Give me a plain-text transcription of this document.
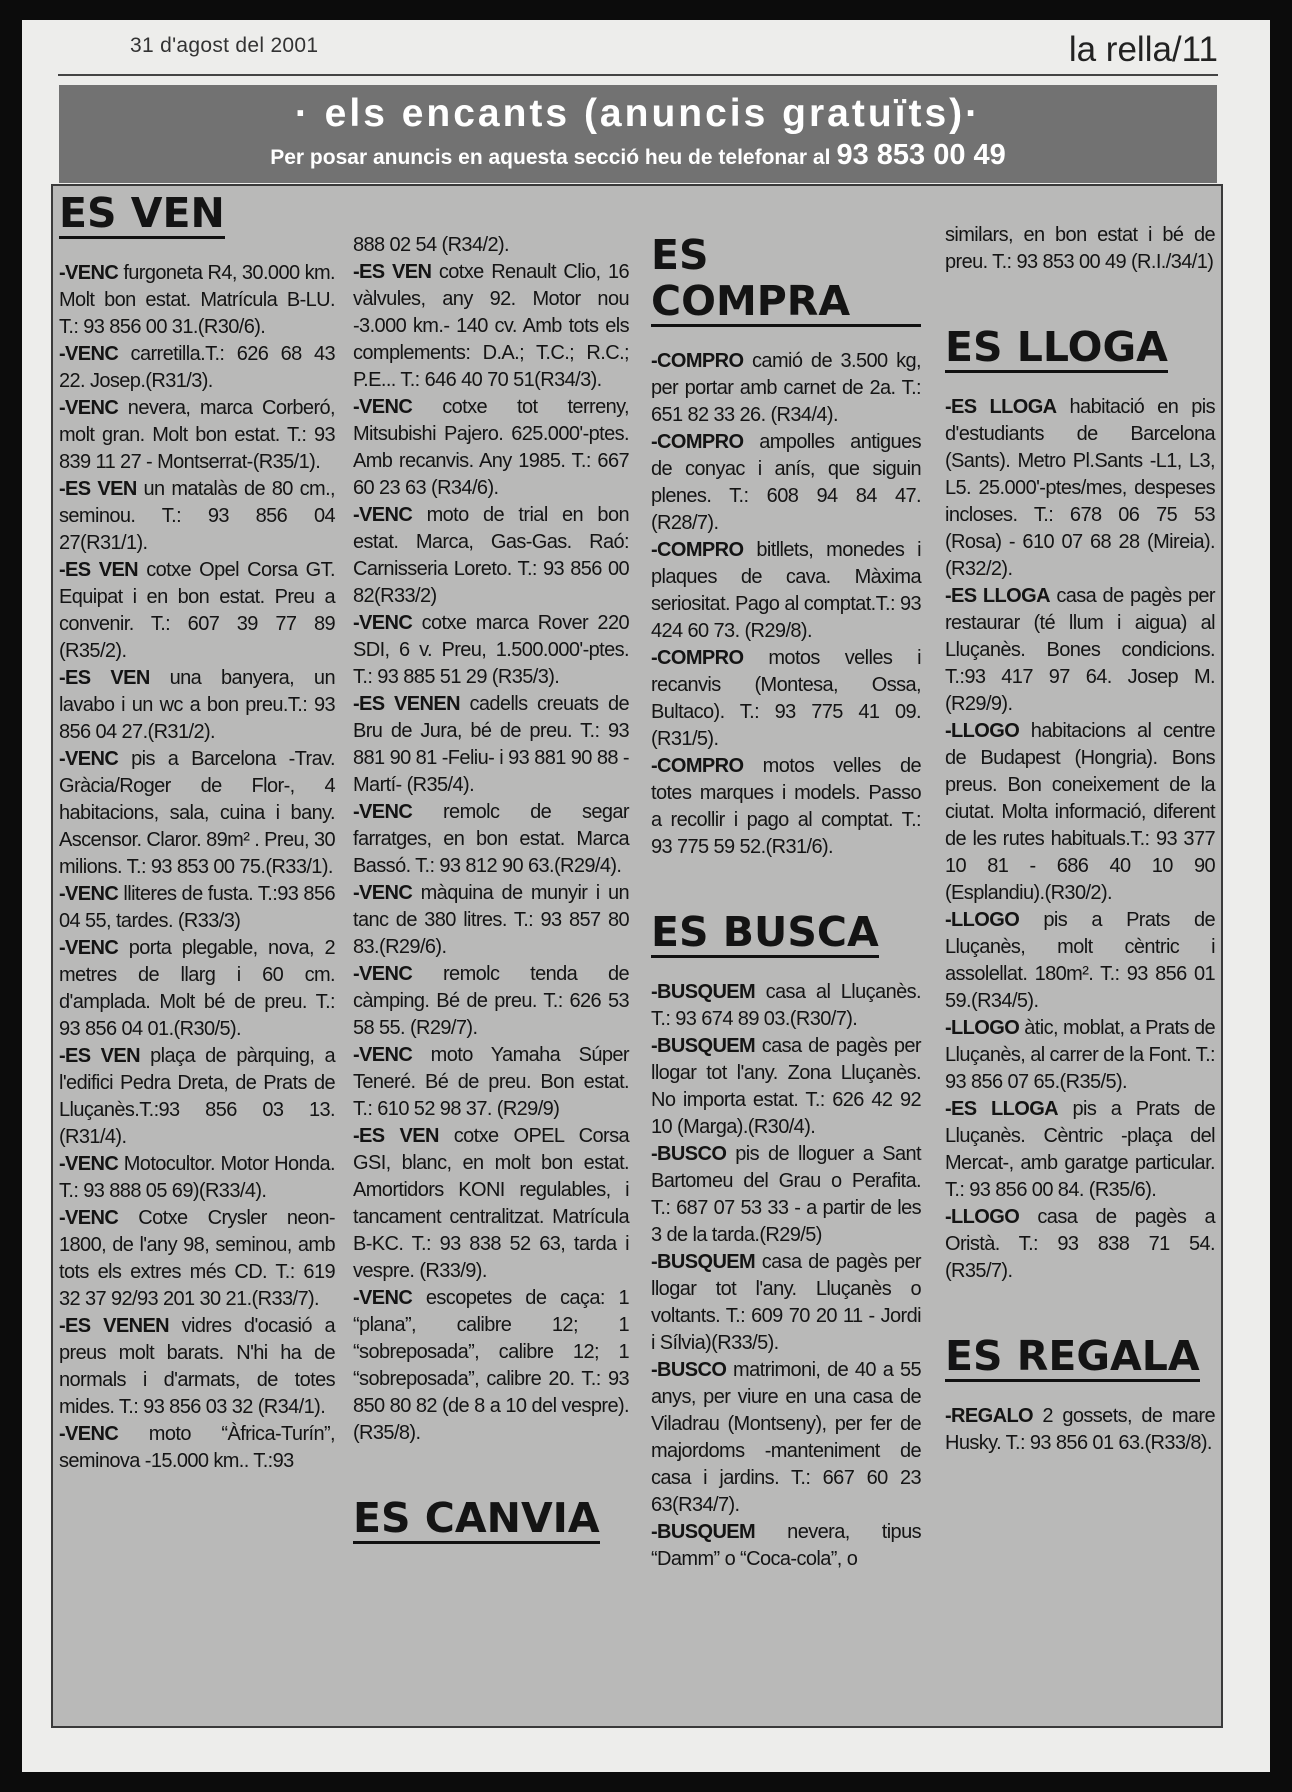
31 d'agost del 2001	la rella/11
· els encants (anuncis gratuïts)·
Per posar anuncis en aquesta secció heu de telefonar al 93 853 00 49
ES VEN

-VENC furgoneta R4, 30.000 km. Molt bon estat. Matrícula B-LU. T.: 93 856 00 31.(R30/6).

-VENC carretilla.T.: 626 68 43 22. Josep.(R31/3).

-VENC nevera, marca Corberó, molt gran. Molt bon estat. T.: 93 839 11 27 - Montserrat-(R35/1).

-ES VEN un matalàs de 80 cm., seminou. T.: 93 856 04 27(R31/1).

-ES VEN cotxe Opel Corsa GT. Equipat i en bon estat. Preu a convenir. T.: 607 39 77 89 (R35/2).

-ES VEN una banyera, un lavabo i un wc a bon preu.T.: 93 856 04 27.(R31/2).

-VENC pis a Barcelona -Trav. Gràcia/Roger de Flor-, 4 habitacions, sala, cuina i bany. Ascensor. Claror. 89m² . Preu, 30 milions. T.: 93 853 00 75.(R33/1).

-VENC lliteres de fusta. T.:93 856 04 55, tardes. (R33/3)

-VENC porta plegable, nova, 2 metres de llarg i 60 cm. d'amplada. Molt bé de preu. T.: 93 856 04 01.(R30/5).

-ES VEN plaça de pàrquing, a l'edifici Pedra Dreta, de Prats de Lluçanès.T.:93 856 03 13.(R31/4).

-VENC Motocultor. Motor Honda. T.: 93 888 05 69)(R33/4).

-VENC Cotxe Crysler neon-1800, de l'any 98, seminou, amb tots els extres més CD. T.: 619 32 37 92/93 201 30 21.(R33/7).

-ES VENEN vidres d'ocasió a preus molt barats. N'hi ha de normals i d'armats, de totes mides. T.: 93 856 03 32 (R34/1).

-VENC moto “Àfrica-Turín”, seminova -15.000 km.. T.:93

888 02 54 (R34/2).

-ES VEN cotxe Renault Clio, 16 vàlvules, any 92. Motor nou -3.000 km.- 140 cv. Amb tots els complements: D.A.; T.C.; R.C.; P.E... T.: 646 40 70 51(R34/3).

-VENC cotxe tot terreny, Mitsubishi Pajero. 625.000'-ptes. Amb recanvis. Any 1985. T.: 667 60 23 63 (R34/6).

-VENC moto de trial en bon estat. Marca, Gas-Gas. Raó: Carnisseria Loreto. T.: 93 856 00 82(R33/2)

-VENC cotxe marca Rover 220 SDI, 6 v. Preu, 1.500.000'-ptes. T.: 93 885 51 29 (R35/3).

-ES VENEN cadells creuats de Bru de Jura, bé de preu. T.: 93 881 90 81 -Feliu- i 93 881 90 88 -Martí- (R35/4).

-VENC remolc de segar farratges, en bon estat. Marca Bassó. T.: 93 812 90 63.(R29/4).

-VENC màquina de munyir i un tanc de 380 litres. T.: 93 857 80 83.(R29/6).

-VENC remolc tenda de càmping. Bé de preu. T.: 626 53 58 55. (R29/7).

-VENC moto Yamaha Súper Teneré. Bé de preu. Bon estat. T.: 610 52 98 37. (R29/9)

-ES VEN cotxe OPEL Corsa GSI, blanc, en molt bon estat. Amortidors KONI regulables, i tancament centralitzat. Matrícula B-KC. T.: 93 838 52 63, tarda i vespre. (R33/9).

-VENC escopetes de caça: 1 “plana”, calibre 12; 1 “sobreposada”, calibre 12; 1 “sobreposada”, calibre 20. T.: 93 850 80 82 (de 8 a 10 del vespre). (R35/8).

ES CANVIA
ES COMPRA

-COMPRO camió de 3.500 kg, per portar amb carnet de 2a. T.: 651 82 33 26. (R34/4).

-COMPRO ampolles antigues de conyac i anís, que siguin plenes. T.: 608 94 84 47. (R28/7).

-COMPRO bitllets, monedes i plaques de cava. Màxima seriositat. Pago al comptat.T.: 93 424 60 73. (R29/8).

-COMPRO motos velles i recanvis (Montesa, Ossa, Bultaco). T.: 93 775 41 09.(R31/5).

-COMPRO motos velles de totes marques i models. Passo a recollir i pago al comptat. T.: 93 775 59 52.(R31/6).

ES BUSCA

-BUSQUEM casa al Lluçanès. T.: 93 674 89 03.(R30/7).

-BUSQUEM casa de pagès per llogar tot l'any. Zona Lluçanès. No importa estat. T.: 626 42 92 10 (Marga).(R30/4).

-BUSCO pis de lloguer a Sant Bartomeu del Grau o Perafita. T.: 687 07 53 33 - a partir de les 3 de la tarda.(R29/5)

-BUSQUEM casa de pagès per llogar tot l'any. Lluçanès o voltants. T.: 609 70 20 11 - Jordi i Sílvia)(R33/5).

-BUSCO matrimoni, de 40 a 55 anys, per viure en una casa de Viladrau (Montseny), per fer de majordoms -manteniment de casa i jardins. T.: 667 60 23 63(R34/7).

-BUSQUEM nevera, tipus “Damm” o “Coca-cola”, o

similars, en bon estat i bé de preu. T.: 93 853 00 49 (R.I./34/1)

ES LLOGA

-ES LLOGA habitació en pis d'estudiants de Barcelona (Sants). Metro Pl.Sants -L1, L3, L5. 25.000'-ptes/mes, despeses incloses. T.: 678 06 75 53 (Rosa) - 610 07 68 28 (Mireia). (R32/2).

-ES LLOGA casa de pagès per restaurar (té llum i aigua) al Lluçanès. Bones condicions. T.:93 417 97 64. Josep M.(R29/9).

-LLOGO habitacions al centre de Budapest (Hongria). Bons preus. Bon coneixement de la ciutat. Molta informació, diferent de les rutes habituals.T.: 93 377 10 81 - 686 40 10 90 (Esplandiu).(R30/2).

-LLOGO pis a Prats de Lluçanès, molt cèntric i assolellat. 180m². T.: 93 856 01 59.(R34/5).

-LLOGO àtic, moblat, a Prats de Lluçanès, al carrer de la Font. T.: 93 856 07 65.(R35/5).

-ES LLOGA pis a Prats de Lluçanès. Cèntric -plaça del Mercat-, amb garatge particular. T.: 93 856 00 84. (R35/6).

-LLOGO casa de pagès a Oristà. T.: 93 838 71 54. (R35/7).

ES REGALA

-REGALO 2 gossets, de mare Husky. T.: 93 856 01 63.(R33/8).
